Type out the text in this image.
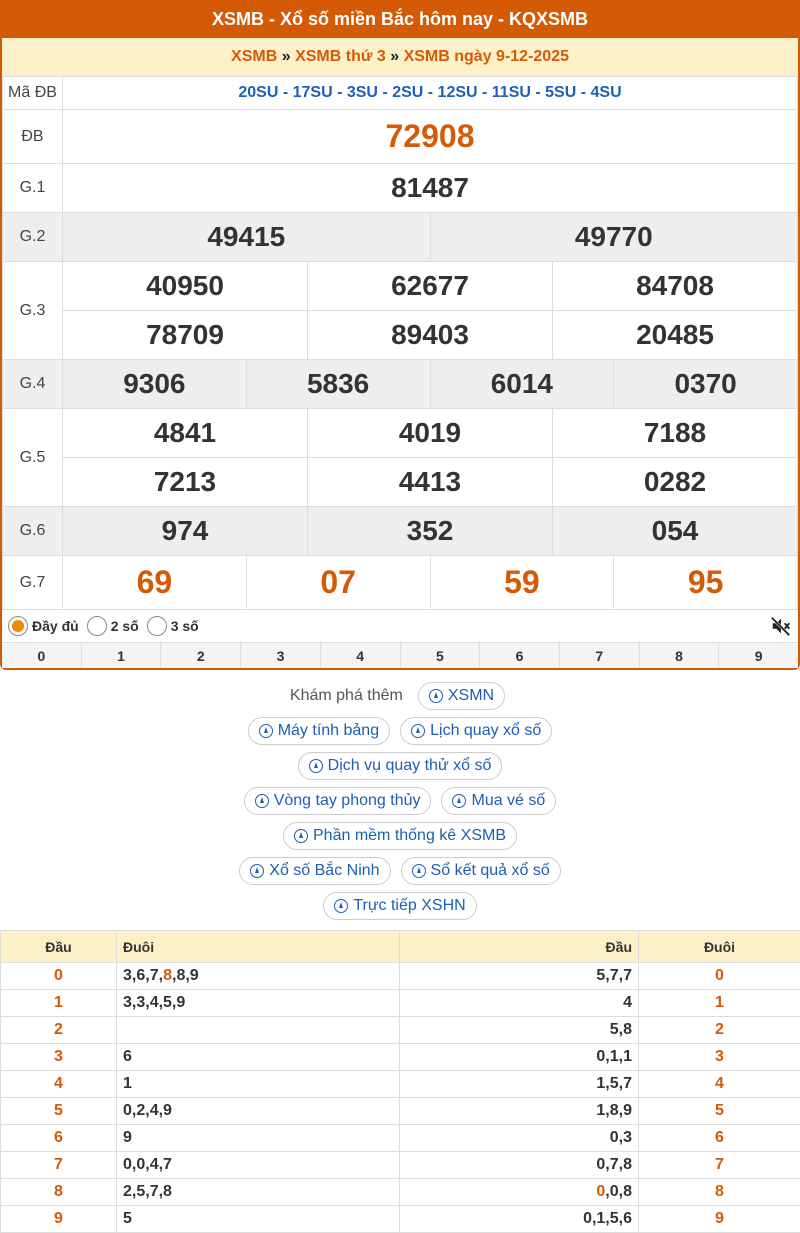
XSMB - Xổ số miền Bắc hôm nay - KQXSMB
XSMB » XSMB thứ 3 » XSMB ngày 9-12-2025
Mã ĐB	20SU - 17SU - 3SU - 2SU - 12SU - 11SU - 5SU - 4SU					
ĐB	72908					
G.1	81487					
G.2	49415			49770		
G.3	40950		62677		84708	
	78709		89403		20485	
G.4	9306	5836		6014		0370
G.5	4841		4019		7188	
	7213		4413		0282	
G.6	974		352		054	
G.7	69	07		59		95
Đầy đủ 2 số 3 số
0	1	2	3	4	5	6	7	8	9
Khám phá thêm	XSMN
Máy tính bảng	Lịch quay xổ số
Dịch vụ quay thử xổ số
Vòng tay phong thủy	Mua vé số
Phần mềm thống kê XSMB
Xổ số Bắc Ninh	Sổ kết quả xổ số
Trực tiếp XSHN
Đầu	Đuôi	Đầu	Đuôi
0	3,6,7,8,8,9	5,7,7	0
1	3,3,4,5,9	4	1
2		5,8	2
3	6	0,1,1	3
4	1	1,5,7	4
5	0,2,4,9	1,8,9	5
6	9	0,3	6
7	0,0,4,7	0,7,8	7
8	2,5,7,8	0,0,8	8
9	5	0,1,5,6	9
